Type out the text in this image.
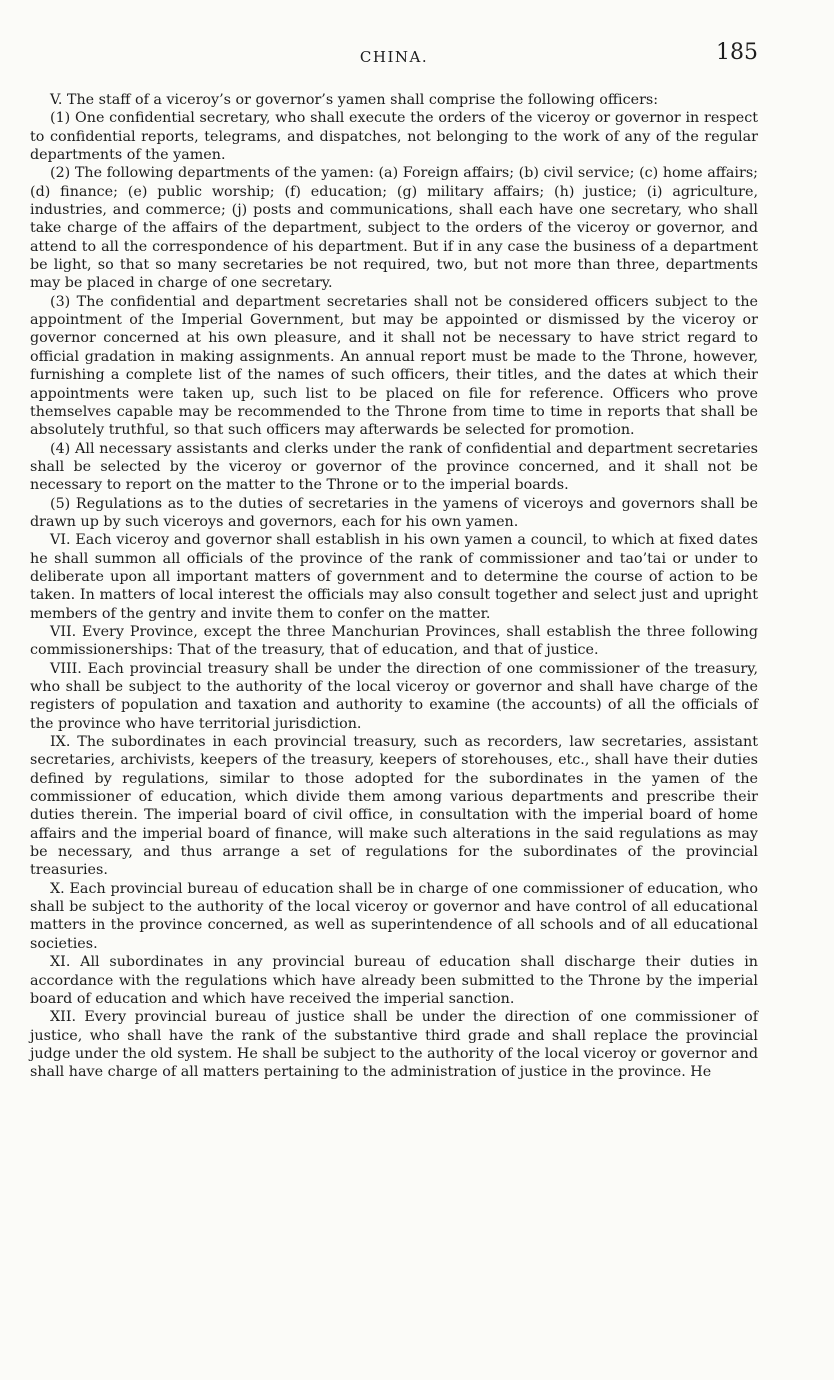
CHINA.	185

V. The staff of a viceroy’s or governor’s yamen shall comprise the following officers:

(1) One confidential secretary, who shall execute the orders of the viceroy or governor in respect to confidential reports, telegrams, and dispatches, not belonging to the work of any of the regular departments of the yamen.

(2) The following departments of the yamen: (a) Foreign affairs; (b) civil service; (c) home affairs; (d) finance; (e) public worship; (f) education; (g) military affairs; (h) justice; (i) agriculture, industries, and commerce; (j) posts and communications, shall each have one secretary, who shall take charge of the affairs of the department, subject to the orders of the viceroy or governor, and attend to all the correspondence of his department. But if in any case the business of a department be light, so that so many secretaries be not required, two, but not more than three, departments may be placed in charge of one secretary.

(3) The confidential and department secretaries shall not be considered officers subject to the appointment of the Imperial Government, but may be appointed or dismissed by the viceroy or governor concerned at his own pleasure, and it shall not be necessary to have strict regard to official gradation in making assignments. An annual report must be made to the Throne, however, furnishing a complete list of the names of such officers, their titles, and the dates at which their appointments were taken up, such list to be placed on file for reference. Officers who prove themselves capable may be recommended to the Throne from time to time in reports that shall be absolutely truthful, so that such officers may afterwards be selected for promotion.

(4) All necessary assistants and clerks under the rank of confidential and department secretaries shall be selected by the viceroy or governor of the province concerned, and it shall not be necessary to report on the matter to the Throne or to the imperial boards.

(5) Regulations as to the duties of secretaries in the yamens of viceroys and governors shall be drawn up by such viceroys and governors, each for his own yamen.

VI. Each viceroy and governor shall establish in his own yamen a council, to which at fixed dates he shall summon all officials of the province of the rank of commissioner and tao’tai or under to deliberate upon all important matters of government and to determine the course of action to be taken. In matters of local interest the officials may also consult together and select just and upright members of the gentry and invite them to confer on the matter.

VII. Every Province, except the three Manchurian Provinces, shall establish the three following commissionerships: That of the treasury, that of education, and that of justice.

VIII. Each provincial treasury shall be under the direction of one commissioner of the treasury, who shall be subject to the authority of the local viceroy or governor and shall have charge of the registers of population and taxation and authority to examine (the accounts) of all the officials of the province who have territorial jurisdiction.

IX. The subordinates in each provincial treasury, such as recorders, law secretaries, assistant secretaries, archivists, keepers of the treasury, keepers of storehouses, etc., shall have their duties defined by regulations, similar to those adopted for the subordinates in the yamen of the commissioner of education, which divide them among various departments and prescribe their duties therein. The imperial board of civil office, in consultation with the imperial board of home affairs and the imperial board of finance, will make such alterations in the said regulations as may be necessary, and thus arrange a set of regulations for the subordinates of the provincial treasuries.

X. Each provincial bureau of education shall be in charge of one commissioner of education, who shall be subject to the authority of the local viceroy or governor and have control of all educational matters in the province concerned, as well as superintendence of all schools and of all educational societies.

XI. All subordinates in any provincial bureau of education shall discharge their duties in accordance with the regulations which have already been submitted to the Throne by the imperial board of education and which have received the imperial sanction.

XII. Every provincial bureau of justice shall be under the direction of one commissioner of justice, who shall have the rank of the substantive third grade and shall replace the provincial judge under the old system. He shall be subject to the authority of the local viceroy or governor and shall have charge of all matters pertaining to the administration of justice in the province. He
